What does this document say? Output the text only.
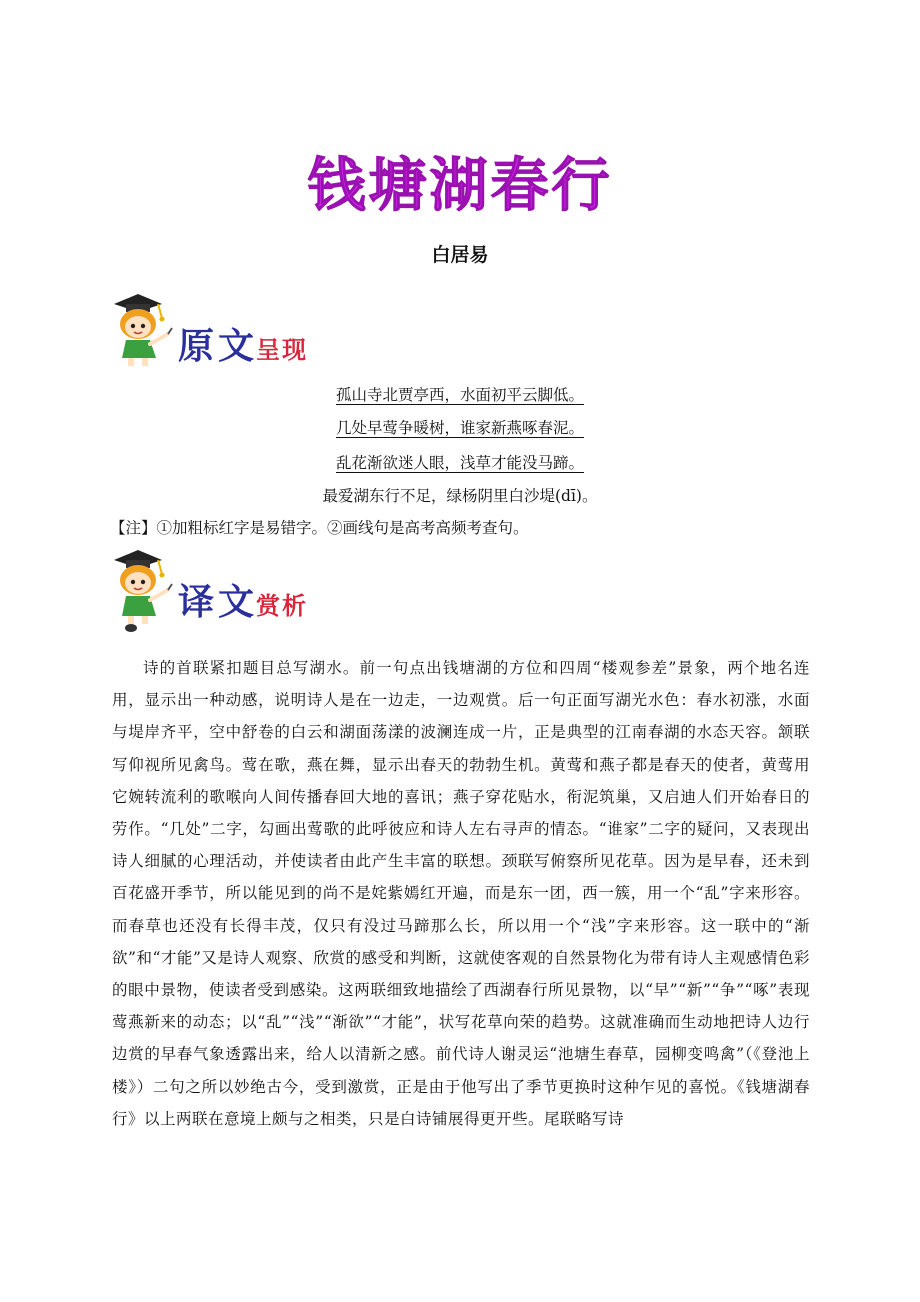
钱塘湖春行
白居易
原文
呈现
孤山寺北贾亭西，水面初平云脚低。
几处早莺争暖树，谁家新燕啄春泥。
乱花渐欲迷人眼，浅草才能没马蹄。
最爱湖东行不足，绿杨阴里白沙堤(dī)。
【注】①加粗标红字是易错字。②画线句是高考高频考查句。
译文
赏析
诗的首联紧扣题目总写湖水。前一句点出钱塘湖的方位和四周“楼观参差”景象，两个地名连用，显示出一种动感，说明诗人是在一边走，一边观赏。后一句正面写湖光水色：春水初涨，水面与堤岸齐平，空中舒卷的白云和湖面荡漾的波澜连成一片，正是典型的江南春湖的水态天容。颔联写仰视所见禽鸟。莺在歌，燕在舞，显示出春天的勃勃生机。黄莺和燕子都是春天的使者，黄莺用它婉转流利的歌喉向人间传播春回大地的喜讯；燕子穿花贴水，衔泥筑巢，又启迪人们开始春日的劳作。“几处”二字，勾画出莺歌的此呼彼应和诗人左右寻声的情态。“谁家”二字的疑问，又表现出诗人细腻的心理活动，并使读者由此产生丰富的联想。颈联写俯察所见花草。因为是早春，还未到百花盛开季节，所以能见到的尚不是姹紫嫣红开遍，而是东一团，西一簇，用一个“乱”字来形容。而春草也还没有长得丰茂，仅只有没过马蹄那么长，所以用一个“浅”字来形容。这一联中的“渐欲”和“才能”又是诗人观察、欣赏的感受和判断，这就使客观的自然景物化为带有诗人主观感情色彩的眼中景物，使读者受到感染。这两联细致地描绘了西湖春行所见景物，以“早”“新”“争”“啄”表现莺燕新来的动态；以“乱”“浅”“渐欲”“才能”，状写花草向荣的趋势。这就准确而生动地把诗人边行边赏的早春气象透露出来，给人以清新之感。前代诗人谢灵运“池塘生春草，园柳变鸣禽”（《登池上楼》）二句之所以妙绝古今，受到激赏，正是由于他写出了季节更换时这种乍见的喜悦。《钱塘湖春行》以上两联在意境上颇与之相类，只是白诗铺展得更开些。尾联略写诗
